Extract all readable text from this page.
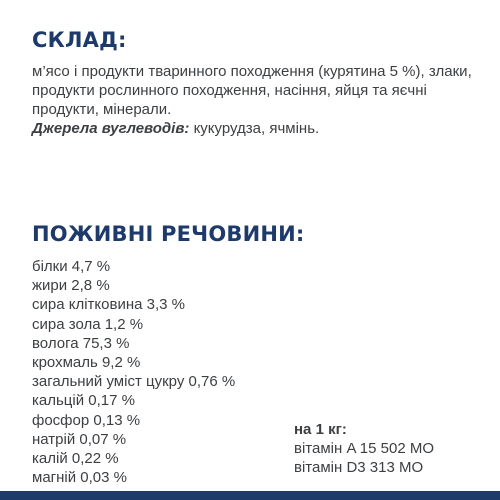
СКЛАД:

м’ясо і продукти тваринного походження (курятина 5 %), злаки, продукти рослинного походження, насіння, яйця та яєчні продукти, мінерали.
Джерела вуглеводів: кукурудза, ячмінь.

ПОЖИВНІ РЕЧОВИНИ:
білки 4,7 %
жири 2,8 %
сира клітковина 3,3 %
сира зола 1,2 %
волога 75,3 %
крохмаль 9,2 %
загальний уміст цукру 0,76 %
кальцій 0,17 %
фосфор 0,13 %
натрій 0,07 %
калій 0,22 %
магній 0,03 %
на 1 кг:
вітамін A 15 502 МО
вітамін D3 313 МО
